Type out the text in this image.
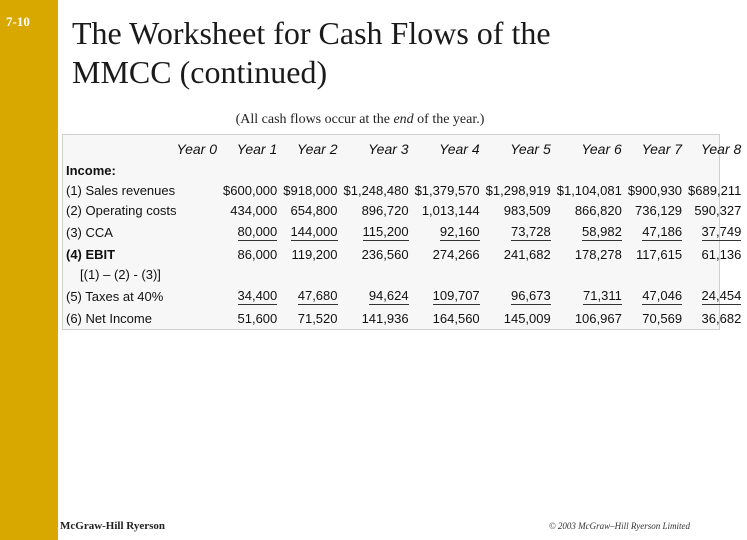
7-10 The Worksheet for Cash Flows of the
MMCC (continued)
(All cash flows occur at the end of the year.)
	Year 0	Year 1	Year 2	Year 3	Year 4	Year 5	Year 6	Year 7	Year 8
Income:									
(1) Sales revenues		$600,000	$918,000	$1,248,480	$1,379,570	$1,298,919	$1,104,081	$900,930	$689,211
(2) Operating costs		434,000	654,800	896,720	1,013,144	983,509	866,820	736,129	590,327
(3) CCA		80,000	144,000	115,200	92,160	73,728	58,982	47,186	37,749
(4) EBIT		86,000	119,200	236,560	274,266	241,682	178,278	117,615	61,136
[(1) – (2) - (3)]									
(5) Taxes at 40%		34,400	47,680	94,624	109,707	96,673	71,311	47,046	24,454
(6) Net Income		51,600	71,520	141,936	164,560	145,009	106,967	70,569	36,682
McGraw-Hill Ryerson	© 2003 McGraw–Hill Ryerson Limited
